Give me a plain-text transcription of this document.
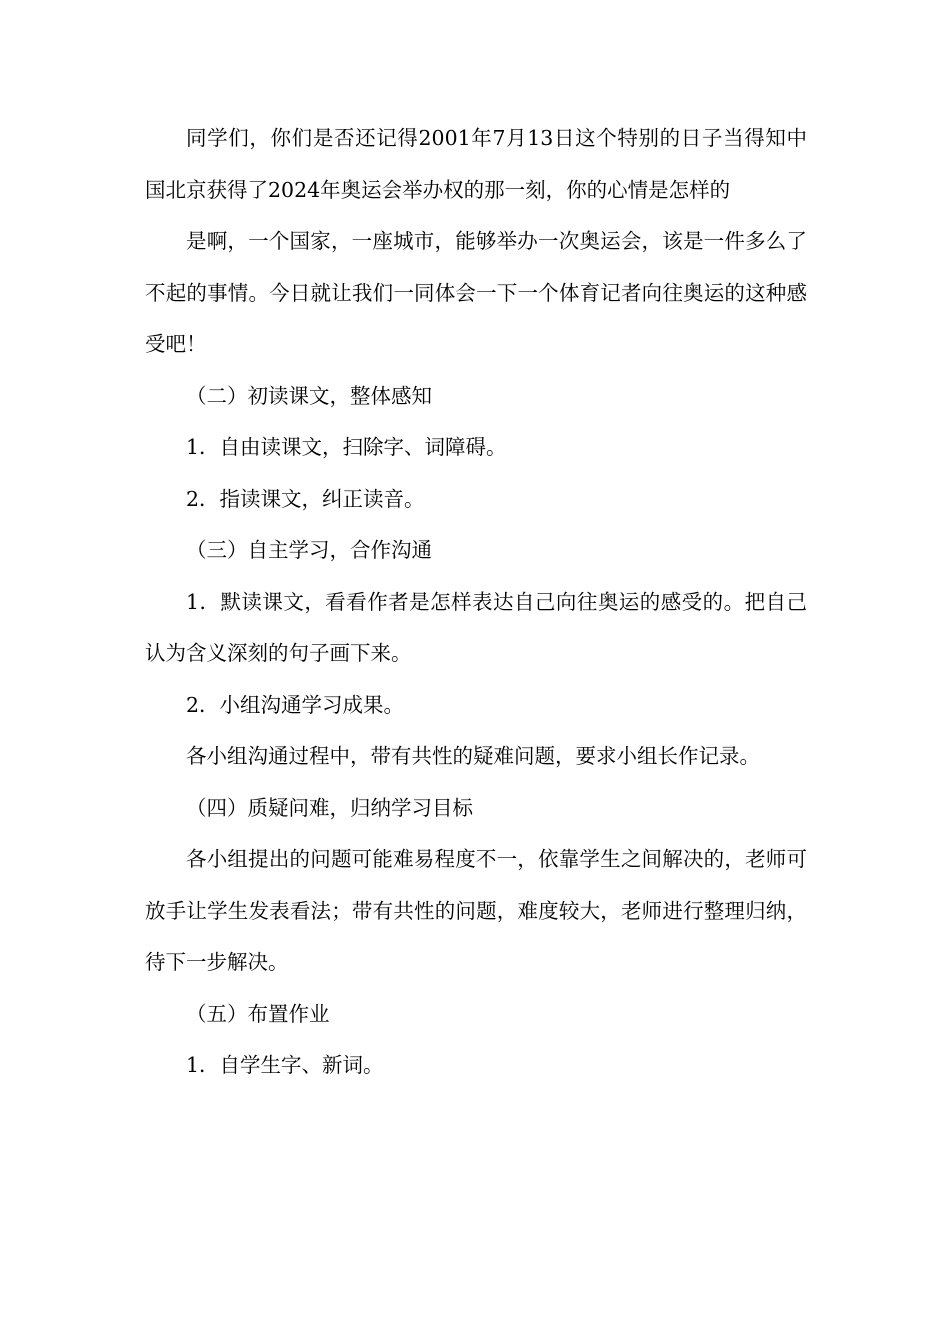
同学们，你们是否还记得2001年7月13日这个特别的日子当得知中国北京获得了2024年奥运会举办权的那一刻，你的心情是怎样的

是啊，一个国家，一座城市，能够举办一次奥运会，该是一件多么了不起的事情。今日就让我们一同体会一下一个体育记者向往奥运的这种感受吧！

（二）初读课文，整体感知

1．自由读课文，扫除字、词障碍。

2．指读课文，纠正读音。

（三）自主学习，合作沟通

1．默读课文，看看作者是怎样表达自己向往奥运的感受的。把自己认为含义深刻的句子画下来。

2．小组沟通学习成果。

各小组沟通过程中，带有共性的疑难问题，要求小组长作记录。

（四）质疑问难，归纳学习目标

各小组提出的问题可能难易程度不一，依靠学生之间解决的，老师可放手让学生发表看法；带有共性的问题，难度较大，老师进行整理归纳，待下一步解决。

（五）布置作业

1．自学生字、新词。
